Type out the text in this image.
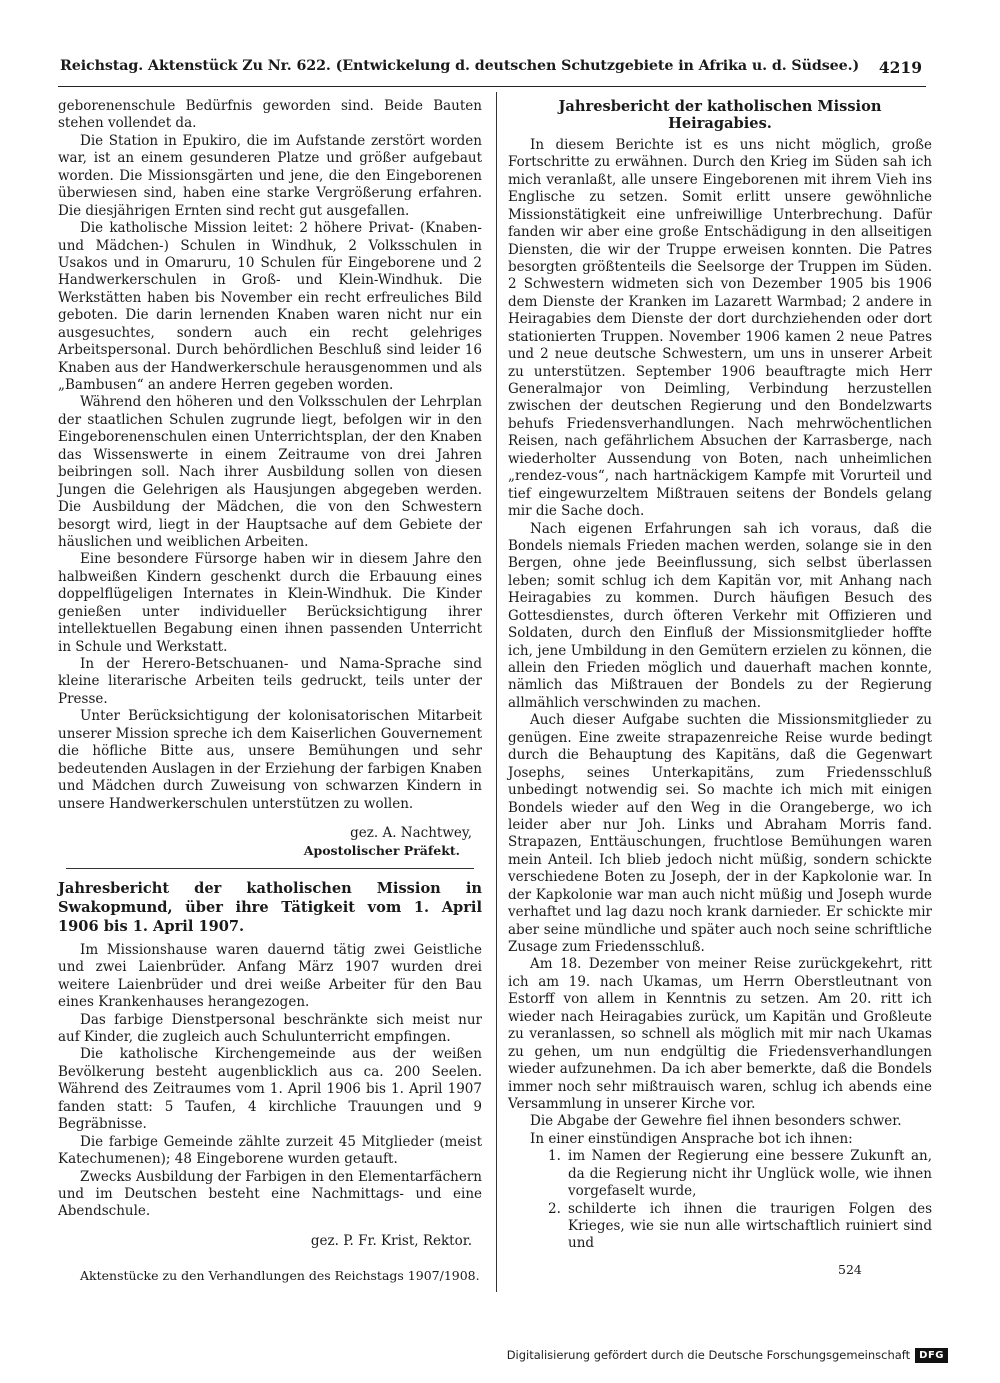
Reichstag. Aktenstück Zu Nr. 622. (Entwickelung d. deutschen Schutzgebiete in Afrika u. d. Südsee.) 4219

geborenenschule Bedürfnis geworden sind. Beide Bauten stehen vollendet da.

Die Station in Epukiro, die im Aufstande zerstört worden war, ist an einem gesunderen Platze und größer aufgebaut worden. Die Missionsgärten und jene, die den Eingeborenen überwiesen sind, haben eine starke Vergrößerung erfahren. Die diesjährigen Ernten sind recht gut ausgefallen.

Die katholische Mission leitet: 2 höhere Privat- (Knaben- und Mädchen-) Schulen in Windhuk, 2 Volksschulen in Usakos und in Omaruru, 10 Schulen für Eingeborene und 2 Handwerkerschulen in Groß- und Klein-Windhuk. Die Werkstätten haben bis November ein recht erfreuliches Bild geboten. Die darin lernenden Knaben waren nicht nur ein ausgesuchtes, sondern auch ein recht gelehriges Arbeitspersonal. Durch behördlichen Beschluß sind leider 16 Knaben aus der Handwerkerschule herausgenommen und als „Bambusen“ an andere Herren gegeben worden.

Während den höheren und den Volksschulen der Lehrplan der staatlichen Schulen zugrunde liegt, befolgen wir in den Eingeborenenschulen einen Unterrichtsplan, der den Knaben das Wissenswerte in einem Zeitraume von drei Jahren beibringen soll. Nach ihrer Ausbildung sollen von diesen Jungen die Gelehrigen als Hausjungen abgegeben werden. Die Ausbildung der Mädchen, die von den Schwestern besorgt wird, liegt in der Hauptsache auf dem Gebiete der häuslichen und weiblichen Arbeiten.

Eine besondere Fürsorge haben wir in diesem Jahre den halbweißen Kindern geschenkt durch die Erbauung eines doppelflügeligen Internates in Klein-Windhuk. Die Kinder genießen unter individueller Berücksichtigung ihrer intellektuellen Begabung einen ihnen passenden Unterricht in Schule und Werkstatt.

In der Herero-Betschuanen- und Nama-Sprache sind kleine literarische Arbeiten teils gedruckt, teils unter der Presse.

Unter Berücksichtigung der kolonisatorischen Mitarbeit unserer Mission spreche ich dem Kaiserlichen Gouvernement die höfliche Bitte aus, unsere Bemühungen und sehr bedeutenden Auslagen in der Erziehung der farbigen Knaben und Mädchen durch Zuweisung von schwarzen Kindern in unsere Handwerkerschulen unterstützen zu wollen.

gez. A. Nachtwey,
Apostolischer Präfekt.

Jahresbericht der katholischen Mission in Swakopmund, über ihre Tätigkeit vom 1. April 1906 bis 1. April 1907.

Im Missionshause waren dauernd tätig zwei Geistliche und zwei Laienbrüder. Anfang März 1907 wurden drei weitere Laienbrüder und drei weiße Arbeiter für den Bau eines Krankenhauses herangezogen.

Das farbige Dienstpersonal beschränkte sich meist nur auf Kinder, die zugleich auch Schulunterricht empfingen.

Die katholische Kirchengemeinde aus der weißen Bevölkerung besteht augenblicklich aus ca. 200 Seelen. Während des Zeitraumes vom 1. April 1906 bis 1. April 1907 fanden statt: 5 Taufen, 4 kirchliche Trauungen und 9 Begräbnisse.

Die farbige Gemeinde zählte zurzeit 45 Mitglieder (meist Katechumenen); 48 Eingeborene wurden getauft.

Zwecks Ausbildung der Farbigen in den Elementarfächern und im Deutschen besteht eine Nachmittags- und eine Abendschule.

gez. P. Fr. Krist, Rektor.
Jahresbericht der katholischen Mission Heiragabies.

In diesem Berichte ist es uns nicht möglich, große Fortschritte zu erwähnen. Durch den Krieg im Süden sah ich mich veranlaßt, alle unsere Eingeborenen mit ihrem Vieh ins Englische zu setzen. Somit erlitt unsere gewöhnliche Missionstätigkeit eine unfreiwillige Unterbrechung. Dafür fanden wir aber eine große Entschädigung in den allseitigen Diensten, die wir der Truppe erweisen konnten. Die Patres besorgten größtenteils die Seelsorge der Truppen im Süden. 2 Schwestern widmeten sich von Dezember 1905 bis 1906 dem Dienste der Kranken im Lazarett Warmbad; 2 andere in Heiragabies dem Dienste der dort durchziehenden oder dort stationierten Truppen. November 1906 kamen 2 neue Patres und 2 neue deutsche Schwestern, um uns in unserer Arbeit zu unterstützen. September 1906 beauftragte mich Herr Generalmajor von Deimling, Verbindung herzustellen zwischen der deutschen Regierung und den Bondelzwarts behufs Friedensverhandlungen. Nach mehrwöchentlichen Reisen, nach gefährlichem Absuchen der Karrasberge, nach wiederholter Aussendung von Boten, nach unheimlichen „rendez-vous“, nach hartnäckigem Kampfe mit Vorurteil und tief eingewurzeltem Mißtrauen seitens der Bondels gelang mir die Sache doch.

Nach eigenen Erfahrungen sah ich voraus, daß die Bondels niemals Frieden machen werden, solange sie in den Bergen, ohne jede Beeinflussung, sich selbst überlassen leben; somit schlug ich dem Kapitän vor, mit Anhang nach Heiragabies zu kommen. Durch häufigen Besuch des Gottesdienstes, durch öfteren Verkehr mit Offizieren und Soldaten, durch den Einfluß der Missionsmitglieder hoffte ich, jene Umbildung in den Gemütern erzielen zu können, die allein den Frieden möglich und dauerhaft machen konnte, nämlich das Mißtrauen der Bondels zu der Regierung allmählich verschwinden zu machen.

Auch dieser Aufgabe suchten die Missionsmitglieder zu genügen. Eine zweite strapazenreiche Reise wurde bedingt durch die Behauptung des Kapitäns, daß die Gegenwart Josephs, seines Unterkapitäns, zum Friedensschluß unbedingt notwendig sei. So machte ich mich mit einigen Bondels wieder auf den Weg in die Orangeberge, wo ich leider aber nur Joh. Links und Abraham Morris fand. Strapazen, Enttäuschungen, fruchtlose Bemühungen waren mein Anteil. Ich blieb jedoch nicht müßig, sondern schickte verschiedene Boten zu Joseph, der in der Kapkolonie war. In der Kapkolonie war man auch nicht müßig und Joseph wurde verhaftet und lag dazu noch krank darnieder. Er schickte mir aber seine mündliche und später auch noch seine schriftliche Zusage zum Friedensschluß.

Am 18. Dezember von meiner Reise zurückgekehrt, ritt ich am 19. nach Ukamas, um Herrn Oberstleutnant von Estorff von allem in Kenntnis zu setzen. Am 20. ritt ich wieder nach Heiragabies zurück, um Kapitän und Großleute zu veranlassen, so schnell als möglich mit mir nach Ukamas zu gehen, um nun endgültig die Friedensverhandlungen wieder aufzunehmen. Da ich aber bemerkte, daß die Bondels immer noch sehr mißtrauisch waren, schlug ich abends eine Versammlung in unserer Kirche vor.

Die Abgabe der Gewehre fiel ihnen besonders schwer.

In einer einstündigen Ansprache bot ich ihnen:

1. im Namen der Regierung eine bessere Zukunft an, da die Regierung nicht ihr Unglück wolle, wie ihnen vorgefaselt wurde,
2. schilderte ich ihnen die traurigen Folgen des Krieges, wie sie nun alle wirtschaftlich ruiniert sind und
Aktenstücke zu den Verhandlungen des Reichstags 1907/1908.	524
Digitalisierung gefördert durch die Deutsche Forschungsgemeinschaft DFG
